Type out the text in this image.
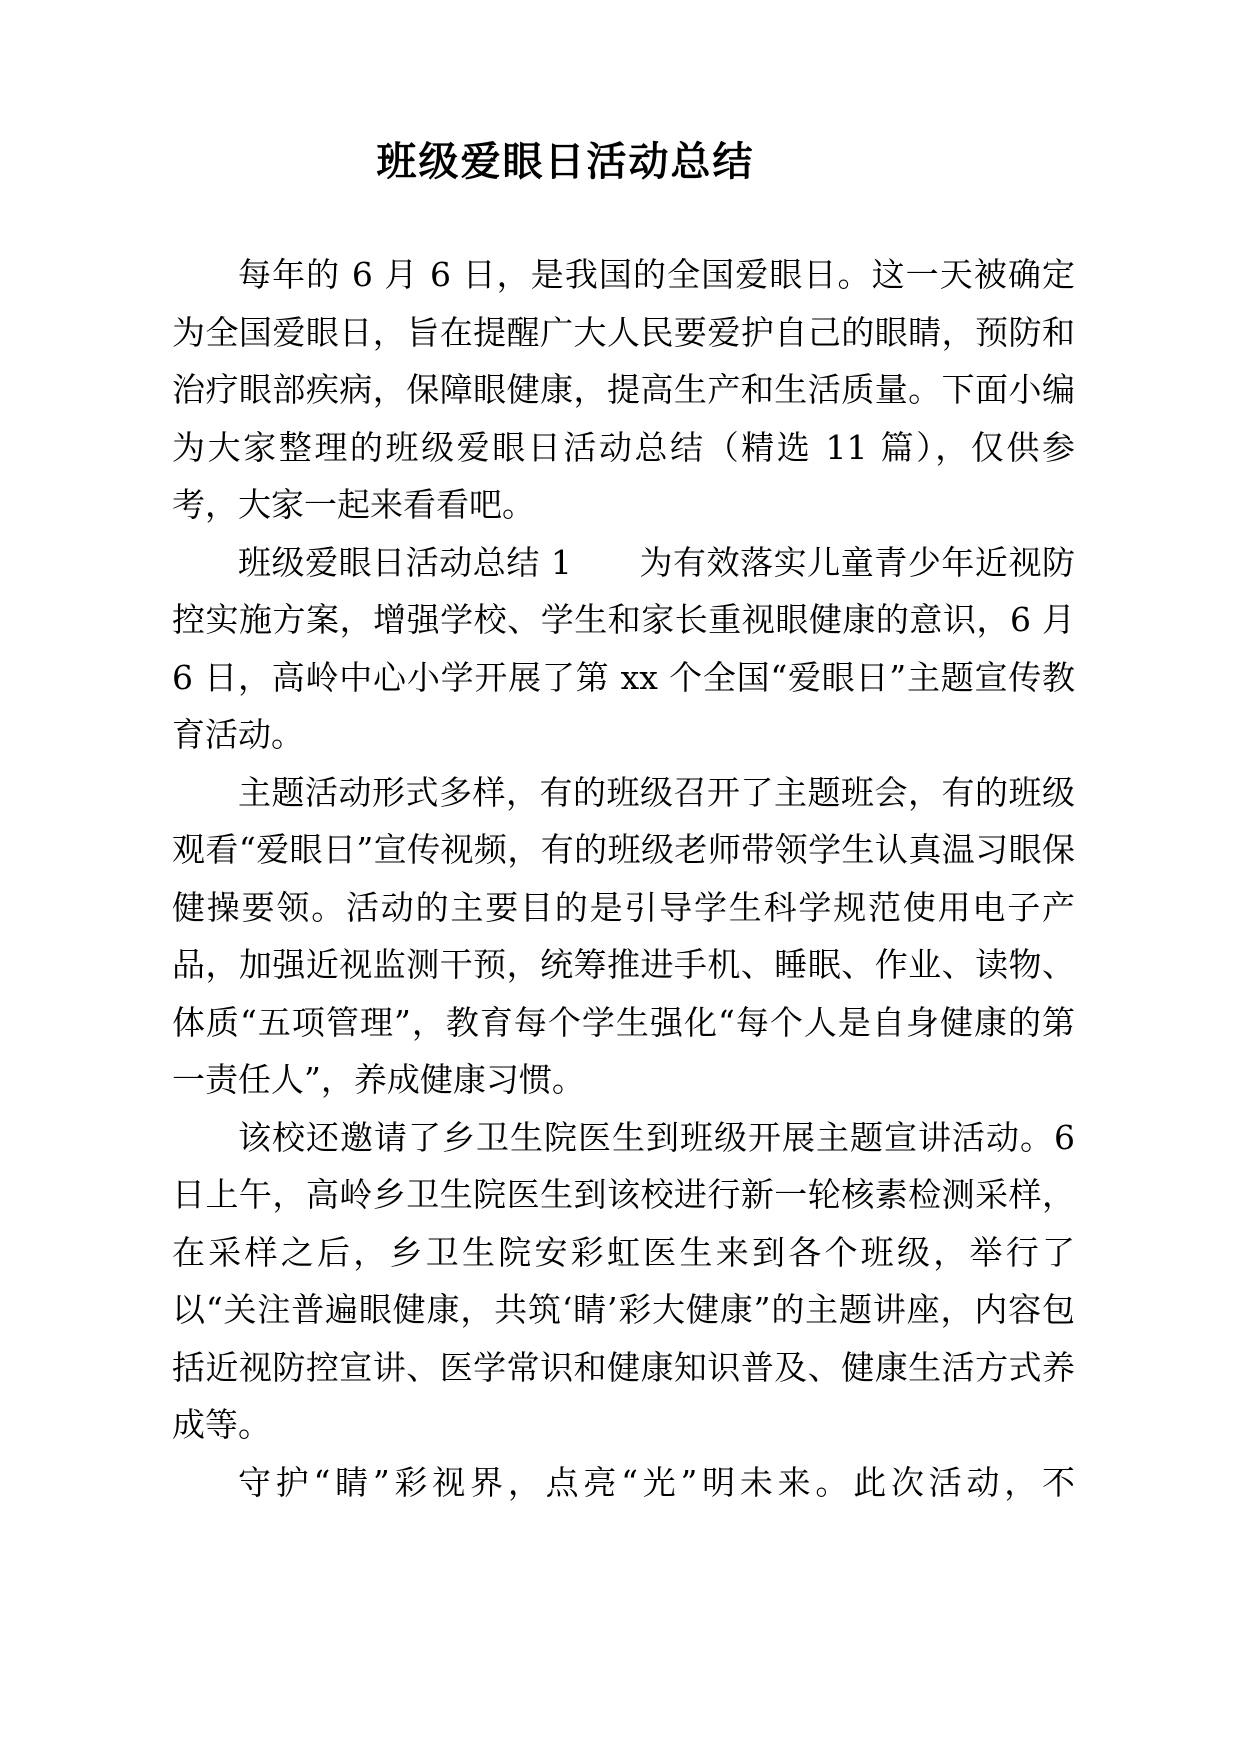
班级爱眼日活动总结

每年的 6 月 6 日，是我国的全国爱眼日。这一天被确定为全国爱眼日，旨在提醒广大人民要爱护自己的眼睛，预防和治疗眼部疾病，保障眼健康，提高生产和生活质量。下面小编为大家整理的班级爱眼日活动总结（精选 11 篇），仅供参考，大家一起来看看吧。

班级爱眼日活动总结 1　　为有效落实儿童青少年近视防控实施方案，增强学校、学生和家长重视眼健康的意识，6 月 6 日，高岭中心小学开展了第 xx 个全国“爱眼日”主题宣传教育活动。

主题活动形式多样，有的班级召开了主题班会，有的班级观看“爱眼日”宣传视频，有的班级老师带领学生认真温习眼保健操要领。活动的主要目的是引导学生科学规范使用电子产品，加强近视监测干预，统筹推进手机、睡眠、作业、读物、体质“五项管理”，教育每个学生强化“每个人是自身健康的第一责任人”，养成健康习惯。

该校还邀请了乡卫生院医生到班级开展主题宣讲活动。6 日上午，高岭乡卫生院医生到该校进行新一轮核素检测采样，在采样之后，乡卫生院安彩虹医生来到各个班级，举行了以“关注普遍眼健康，共筑‘睛’彩大健康”的主题讲座，内容包括近视防控宣讲、医学常识和健康知识普及、健康生活方式养成等。

守护“睛”彩视界，点亮“光”明未来。此次活动，不
